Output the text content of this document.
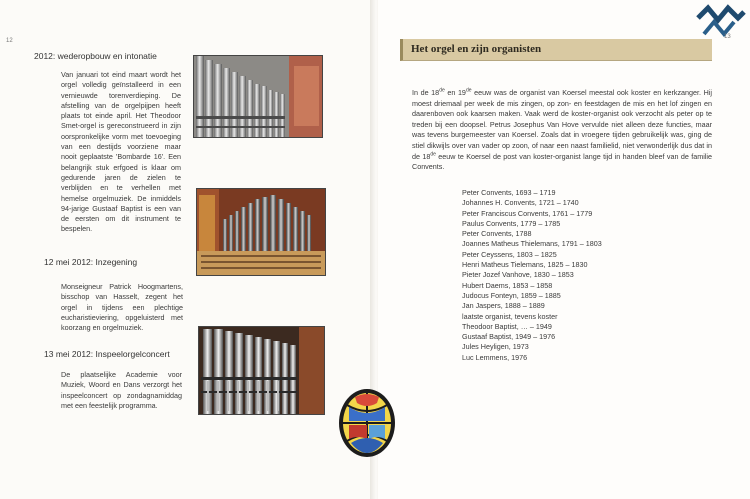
12
2012: wederopbouw en intonatie
Van januari tot eind maart wordt het orgel volledig geïnstalleerd in een vernieuwde torenverdieping. De afstelling van de orgelpijpen heeft plaats tot einde april. Het Theodoor Smet-orgel is gereconstrueerd in zijn oorspronkelijke vorm met toevoeging van een destijds voorziene maar nooit geplaatste 'Bombarde 16'. Een belangrijk stuk erfgoed is klaar om gedurende jaren de zielen te verblijden en te verhellen met hemelse orgelmuziek. De inmiddels 94-jarige Gustaaf Baptist is een van de eersten om dit instrument te bespelen.
12 mei 2012: Inzegening
Monseigneur Patrick Hoogmartens, bisschop van Hasselt, zegent het orgel in tijdens een plechtige eucharistieviering, opgeluisterd met koorzang en orgelmuziek.
13 mei 2012: Inspeelorgelconcert
De plaatselijke Academie voor Muziek, Woord en Dans verzorgt het inspeelconcert op zondagnamiddag met een feestelijk programma.
13
Het orgel en zijn organisten
In de 18de en 19de eeuw was de organist van Koersel meestal ook koster en kerkzanger. Hij moest driemaal per week de mis zingen, op zon- en feestdagen de mis en het lof zingen en daarenboven ook kaarsen maken. Vaak werd de koster-organist ook verzocht als peter op te treden bij een doopsel. Petrus Josephus Van Hove vervulde niet alleen deze functies, maar was tevens burgemeester van Koersel. Zoals dat in vroegere tijden gebruikelijk was, ging de stiel dikwijls over van vader op zoon, of naar een naast familielid, niet verwonderlijk dus dat in de 18de eeuw te Koersel de post van koster-organist lange tijd in handen bleef van de familie Convents.
Peter Convents, 1693 – 1719
Johannes H. Convents, 1721 – 1740
Peter Franciscus Convents, 1761 – 1779
Paulus Convents, 1779 – 1785
Peter Convents, 1788
Joannes Matheus Thielemans, 1791 – 1803
Peter Ceyssens, 1803 – 1825
Henri Matheus Tielemans, 1825 – 1830
Pieter Jozef Vanhove, 1830 – 1853
Hubert Daems, 1853 – 1858
Judocus Fonteyn, 1859 – 1885
Jan Jaspers, 1888 – 1889
laatste organist, tevens koster
Theodoor Baptist, … – 1949
Gustaaf Baptist, 1949 – 1976
Jules Heyligen, 1973
Luc Lemmens, 1976
